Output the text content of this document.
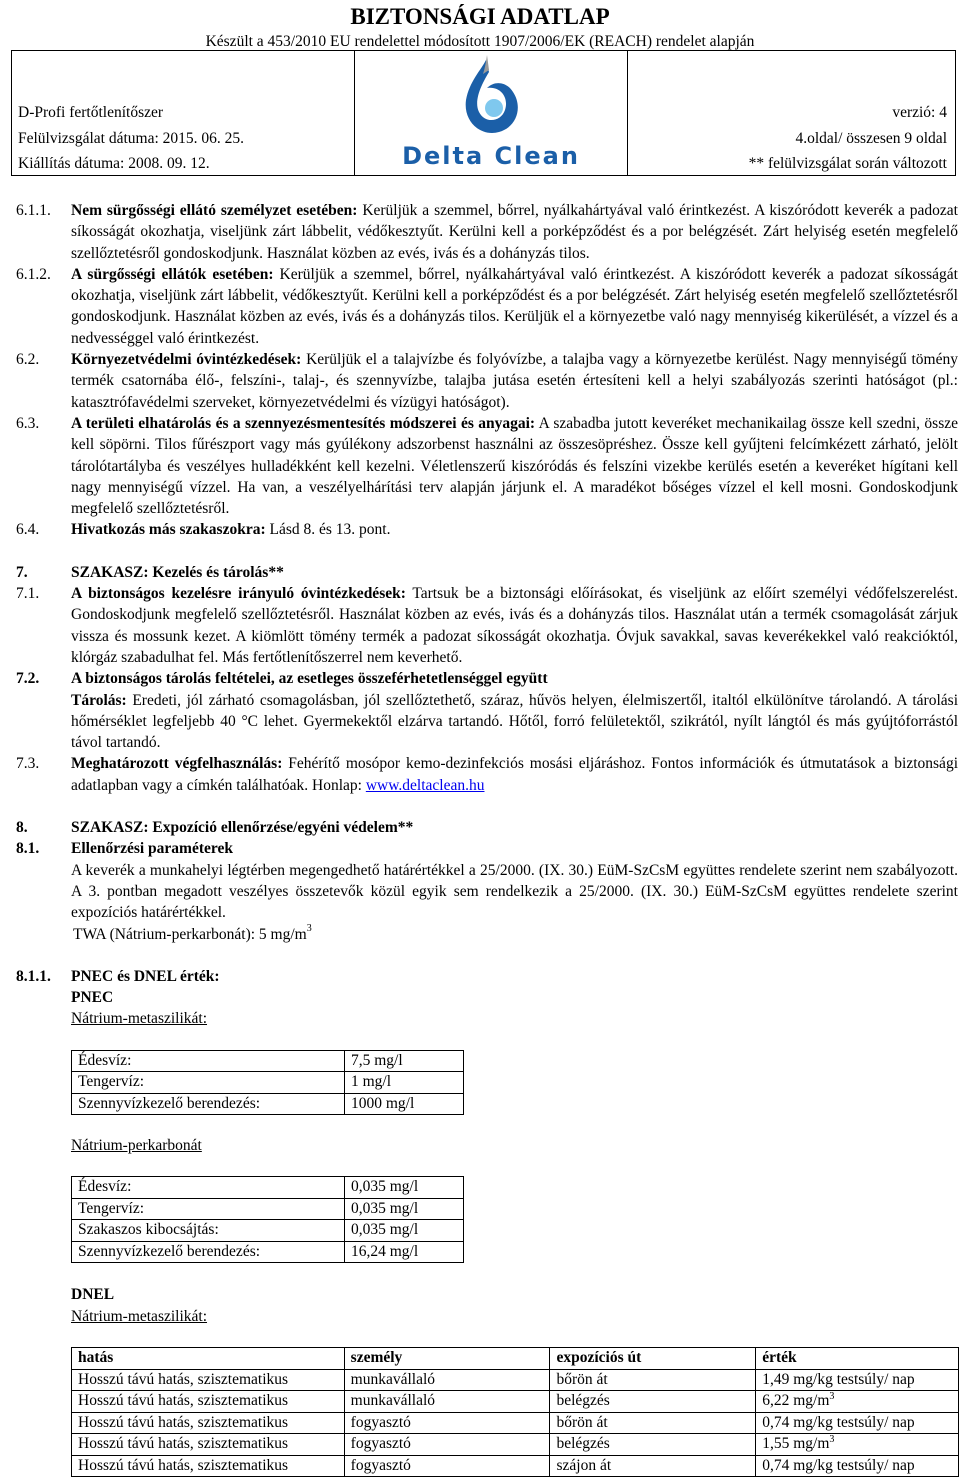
BIZTONSÁGI ADATLAP
Készült a 453/2010 EU rendelettel módosított 1907/2006/EK (REACH) rendelet alapján
D-Profi fertőtlenítőszer
Felülvizsgálat dátuma: 2015. 06. 25.
Kiállítás dátuma: 2008. 09. 12.	Delta Clean

verzió: 4
4.oldal/ összesen 9 oldal
** felülvizsgálat során változott

6.1.1. Nem sürgősségi ellátó személyzet esetében: Kerüljük a szemmel, bőrrel, nyálkahártyával való érintkezést. A kiszóródott keverék a padozat síkosságát okozhatja, viseljünk zárt lábbelit, védőkesztyűt. Kerülni kell a porképződést és a por belégzését. Zárt helyiség esetén megfelelő szellőztetésről gondoskodjunk. Használat közben az evés, ivás és a dohányzás tilos.

6.1.2. A sürgősségi ellátók esetében: Kerüljük a szemmel, bőrrel, nyálkahártyával való érintkezést. A kiszóródott keverék a padozat síkosságát okozhatja, viseljünk zárt lábbelit, védőkesztyűt. Kerülni kell a porképződést és a por belégzését. Zárt helyiség esetén megfelelő szellőztetésről gondoskodjunk. Használat közben az evés, ivás és a dohányzás tilos. Kerüljük el a környezetbe való nagy mennyiség kikerülését, a vízzel és a nedvességgel való érintkezést.

6.2. Környezetvédelmi óvintézkedések: Kerüljük el a talajvízbe és folyóvízbe, a talajba vagy a környezetbe kerülést. Nagy mennyiségű tömény termék csatornába élő-, felszíni-, talaj-, és szennyvízbe, talajba jutása esetén értesíteni kell a helyi szabályozás szerinti hatóságot (pl.: katasztrófavédelmi szerveket, környezetvédelmi és vízügyi hatóságot).

6.3. A területi elhatárolás és a szennyezésmentesítés módszerei és anyagai: A szabadba jutott keveréket mechanikailag össze kell szedni, össze kell söpörni. Tilos fűrészport vagy más gyúlékony adszorbenst használni az összesöpréshez. Össze kell gyűjteni felcímkézett zárható, jelölt tárolótartályba és veszélyes hulladékként kell kezelni. Véletlenszerű kiszóródás és felszíni vizekbe kerülés esetén a keveréket hígítani kell nagy mennyiségű vízzel. Ha van, a veszélyelhárítási terv alapján járjunk el. A maradékot bőséges vízzel el kell mosni. Gondoskodjunk megfelelő szellőztetésről.

6.4. Hivatkozás más szakaszokra: Lásd 8. és 13. pont.

7.	SZAKASZ: Kezelés és tárolás**

7.1. A biztonságos kezelésre irányuló óvintézkedések: Tartsuk be a biztonsági előírásokat, és viseljünk az előírt személyi védőfelszerelést. Gondoskodjunk megfelelő szellőztetésről. Használat közben az evés, ivás és a dohányzás tilos. Használat után a termék csomagolását zárjuk vissza és mossunk kezet. A kiömlött tömény termék a padozat síkosságát okozhatja. Óvjuk savakkal, savas keverékekkel való reakcióktól, klórgáz szabadulhat fel. Más fertőtlenítőszerrel nem keverhető.

7.2. A biztonságos tárolás feltételei, az esetleges összeférhetetlenséggel együtt

Tárolás: Eredeti, jól zárható csomagolásban, jól szellőztethető, száraz, hűvös helyen, élelmiszertől, italtól elkülönítve tárolandó. A tárolási hőmérséklet legfeljebb 40 °C lehet. Gyermekektől elzárva tartandó. Hőtől, forró felületektől, szikrától, nyílt lángtól és más gyújtóforrástól távol tartandó.

7.3. Meghatározott végfelhasználás: Fehérítő mosópor kemo-dezinfekciós mosási eljáráshoz. Fontos információk és útmutatások a biztonsági adatlapban vagy a címkén találhatóak. Honlap: www.deltaclean.hu

8.	SZAKASZ: Expozíció ellenőrzése/egyéni védelem**
8.1. Ellenőrzési paraméterek

A keverék a munkahelyi légtérben megengedhető határértékkel a 25/2000. (IX. 30.) EüM-SzCsM együttes rendelete szerint nem szabályozott. A 3. pontban megadott veszélyes összetevők közül egyik sem rendelkezik a 25/2000. (IX. 30.) EüM-SzCsM együttes rendelete szerint expozíciós határértékkel.

TWA (Nátrium-perkarbonát): 5 $mg/m^3$

8.1.1. PNEC és DNEL érték:
PNEC
Nátrium-metaszilikát:
Édesvíz:	7,5 mg/l
Tengervíz:	1 mg/l
Szennyvízkezelő berendezés:	1000 mg/l
Nátrium-perkarbonát
Édesvíz:	0,035 mg/l
Tengervíz:	0,035 mg/l
Szakaszos kibocsájtás:	0,035 mg/l
Szennyvízkezelő berendezés:	16,24 mg/l
DNEL
Nátrium-metaszilikát:
hatás	személy	expozíciós út	érték
Hosszú távú hatás, szisztematikus	munkavállaló	bőrön át	1,49 mg/kg testsúly/ nap
Hosszú távú hatás, szisztematikus	munkavállaló	belégzés	6,22 $mg/m^3$
Hosszú távú hatás, szisztematikus	fogyasztó	bőrön át	0,74 mg/kg testsúly/ nap
Hosszú távú hatás, szisztematikus	fogyasztó	belégzés	1,55 $mg/m^3$
Hosszú távú hatás, szisztematikus	fogyasztó	szájon át	0,74 mg/kg testsúly/ nap
